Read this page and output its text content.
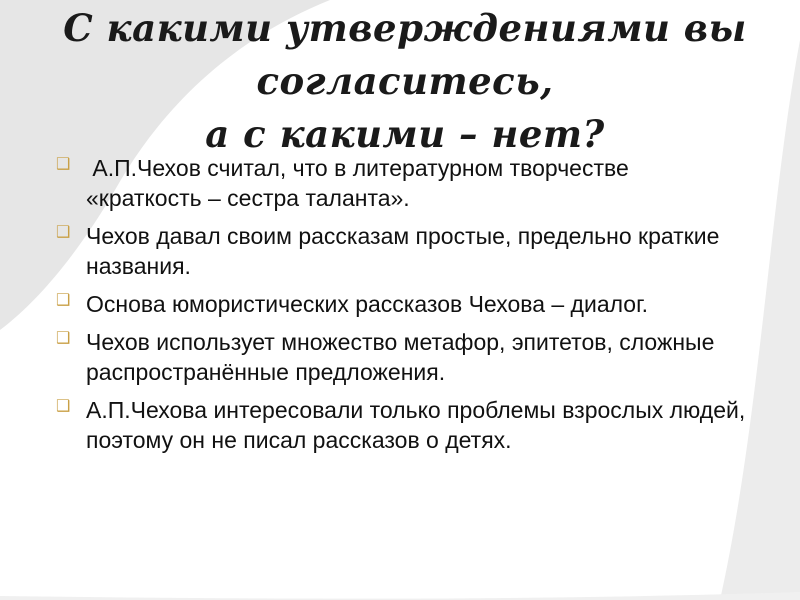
С какими утверждениями вы
согласитесь,
а с какими – нет?
❑ А.П.Чехов считал, что в литературном творчестве «краткость – сестра таланта».
❑ Чехов давал своим рассказам простые, предельно краткие названия.
❑ Основа юмористических рассказов Чехова – диалог.
❑ Чехов использует множество метафор, эпитетов, сложные распространённые предложения.
❑ А.П.Чехова интересовали только проблемы взрослых людей, поэтому он не писал рассказов о детях.
